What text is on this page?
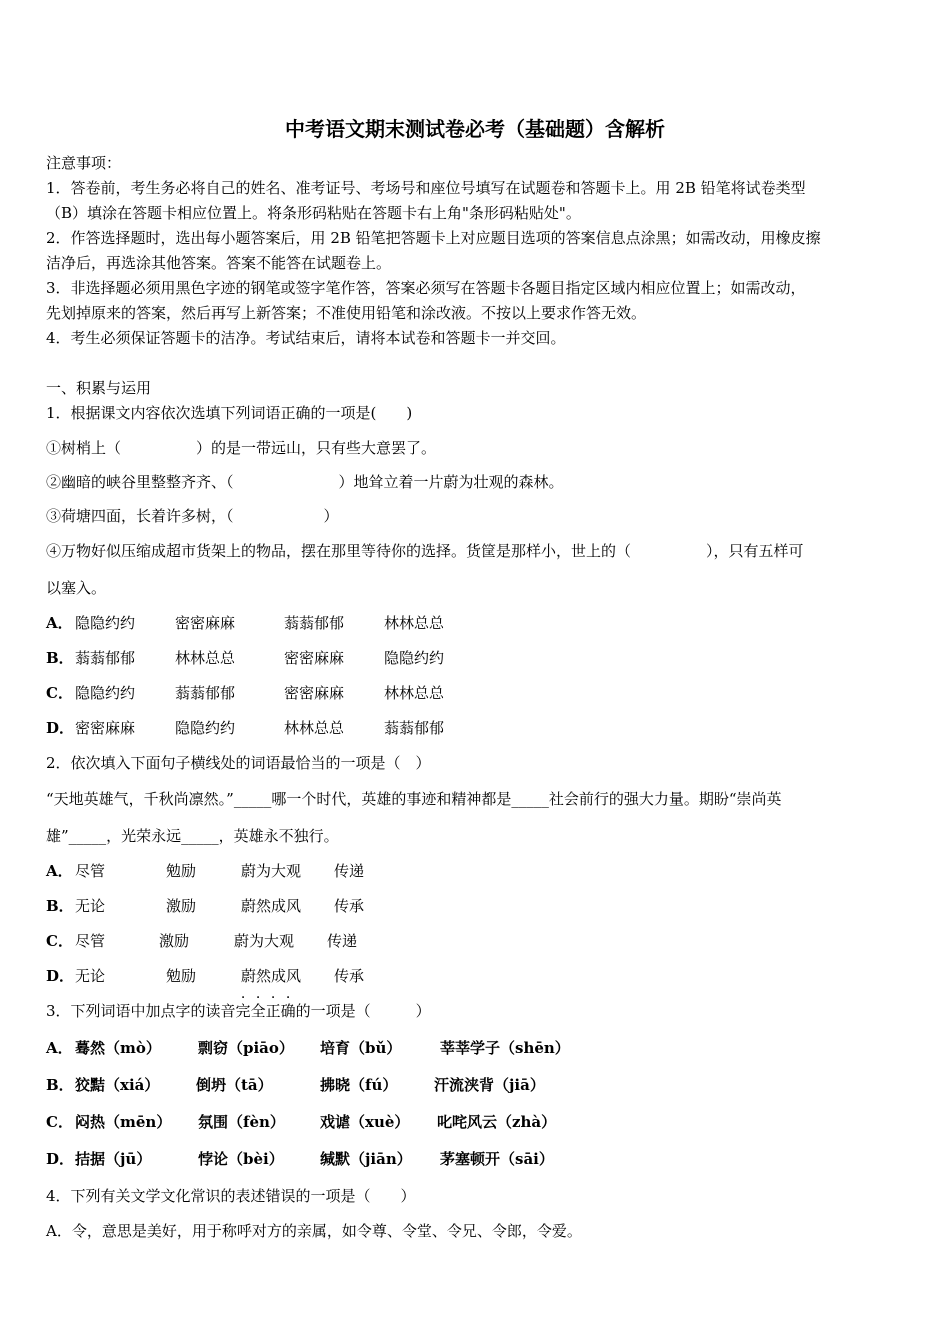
中考语文期末测试卷必考（基础题）含解析
注意事项：
1．答卷前，考生务必将自己的姓名、准考证号、考场号和座位号填写在试题卷和答题卡上。用 2B 铅笔将试卷类型
（B）填涂在答题卡相应位置上。将条形码粘贴在答题卡右上角"条形码粘贴处"。
2．作答选择题时，选出每小题答案后，用 2B 铅笔把答题卡上对应题目选项的答案信息点涂黑；如需改动，用橡皮擦
洁净后，再选涂其他答案。答案不能答在试题卷上。
3．非选择题必须用黑色字迹的钢笔或签字笔作答，答案必须写在答题卡各题目指定区域内相应位置上；如需改动，
先划掉原来的答案，然后再写上新答案；不准使用铅笔和涂改液。不按以上要求作答无效。
4．考生必须保证答题卡的洁净。考试结束后，请将本试卷和答题卡一并交回。
一、积累与运用
1．根据课文内容依次选填下列词语正确的一项是(　　)
①树梢上（　　　　　）的是一带远山，只有些大意罢了。
②幽暗的峡谷里整整齐齐、（　　　　　　　）地耸立着一片蔚为壮观的森林。
③荷塘四面，长着许多树，（　　　　　　）
④万物好似压缩成超市货架上的物品，摆在那里等待你的选择。货筐是那样小，世上的（　　　　　），只有五样可
以塞入。
A． 隐隐约约	密密麻麻	蓊蓊郁郁	林林总总
B． 蓊蓊郁郁	林林总总	密密麻麻	隐隐约约
C． 隐隐约约	蓊蓊郁郁	密密麻麻	林林总总
D． 密密麻麻	隐隐约约	林林总总	蓊蓊郁郁
2．依次填入下面句子横线处的词语最恰当的一项是（　）
“天地英雄气，千秋尚凛然。”_____哪一个时代，英雄的事迹和精神都是_____社会前行的强大力量。期盼“崇尚英
雄”_____，光荣永远_____，英雄永不独行。
A． 尽管	勉励	蔚为大观 传递
B． 无论	激励	蔚然成风 传承
C． 尽管	激励	蔚为大观 传递
D． 无论	勉励	蔚然成风 传承
3．下列词语中加点字的读音完全正确的一项是（　　　）
A． 蓦然（mò） 剽窃（piāo） 培育（bǔ）	莘莘学子（shēn）
B． 狡黠（xiá） 倒坍（tā）	拂晓（fú） 汗流浃背（jiā）
C． 闷热（mēn） 氛围（fèn） 戏谑（xuè） 叱咤风云（zhà）
D． 拮据（jū）	悖论（bèi） 缄默（jiān） 茅塞顿开（sāi）
4．下列有关文学文化常识的表述错误的一项是（　　）
A．令，意思是美好，用于称呼对方的亲属，如令尊、令堂、令兄、令郎，令爱。
